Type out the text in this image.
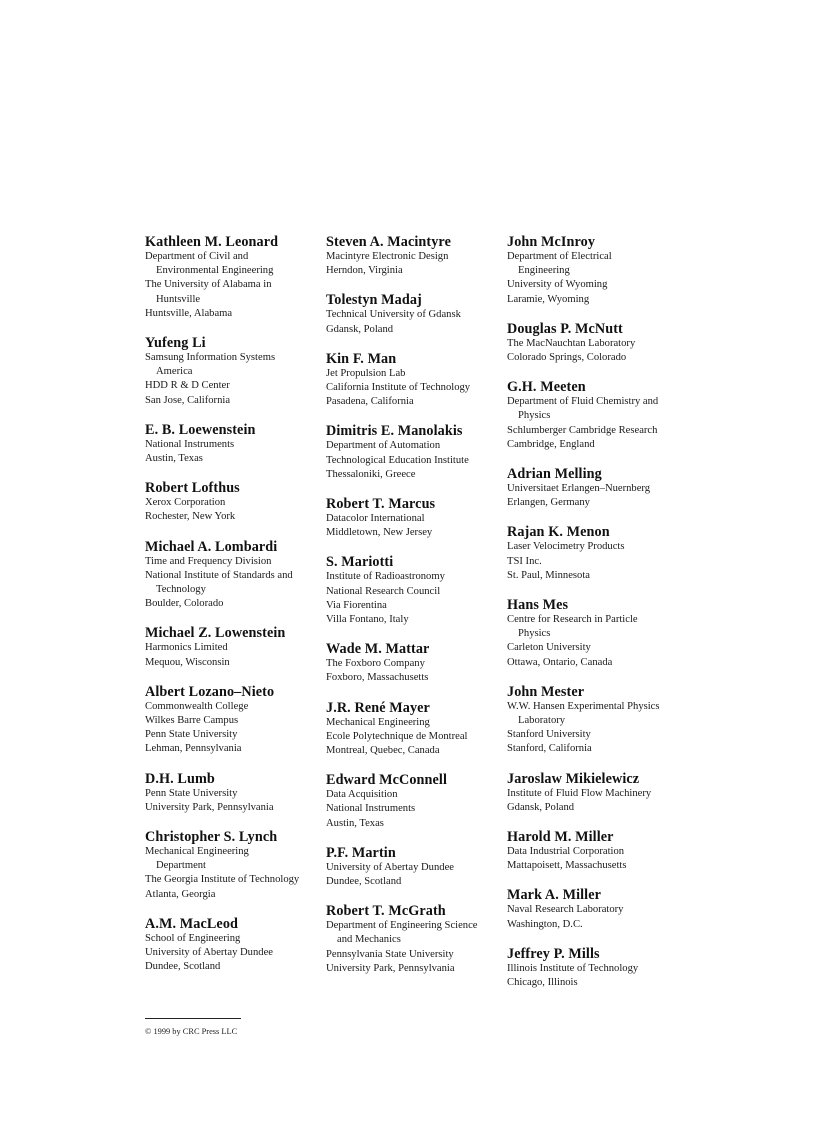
Kathleen M. Leonard
Department of Civil and
Environmental Engineering
The University of Alabama in
Huntsville
Huntsville, Alabama
Yufeng Li
Samsung Information Systems
America
HDD R & D Center
San Jose, California
E. B. Loewenstein
National Instruments
Austin, Texas
Robert Lofthus
Xerox Corporation
Rochester, New York
Michael A. Lombardi
Time and Frequency Division
National Institute of Standards and
Technology
Boulder, Colorado
Michael Z. Lowenstein
Harmonics Limited
Mequou, Wisconsin
Albert Lozano–Nieto
Commonwealth College
Wilkes Barre Campus
Penn State University
Lehman, Pennsylvania
D.H. Lumb
Penn State University
University Park, Pennsylvania
Christopher S. Lynch
Mechanical Engineering
Department
The Georgia Institute of Technology
Atlanta, Georgia
A.M. MacLeod
School of Engineering
University of Abertay Dundee
Dundee, Scotland
Steven A. Macintyre
Macintyre Electronic Design
Herndon, Virginia
Tolestyn Madaj
Technical University of Gdansk
Gdansk, Poland
Kin F. Man
Jet Propulsion Lab
California Institute of Technology
Pasadena, California
Dimitris E. Manolakis
Department of Automation
Technological Education Institute
Thessaloniki, Greece
Robert T. Marcus
Datacolor International
Middletown, New Jersey
S. Mariotti
Institute of Radioastronomy
National Research Council
Via Fiorentina
Villa Fontano, Italy
Wade M. Mattar
The Foxboro Company
Foxboro, Massachusetts
J.R. René Mayer
Mechanical Engineering
Ecole Polytechnique de Montreal
Montreal, Quebec, Canada
Edward McConnell
Data Acquisition
National Instruments
Austin, Texas
P.F. Martin
University of Abertay Dundee
Dundee, Scotland
Robert T. McGrath
Department of Engineering Science
and Mechanics
Pennsylvania State University
University Park, Pennsylvania
John McInroy
Department of Electrical
Engineering
University of Wyoming
Laramie, Wyoming
Douglas P. McNutt
The MacNauchtan Laboratory
Colorado Springs, Colorado
G.H. Meeten
Department of Fluid Chemistry and
Physics
Schlumberger Cambridge Research
Cambridge, England
Adrian Melling
Universitaet Erlangen–Nuernberg
Erlangen, Germany
Rajan K. Menon
Laser Velocimetry Products
TSI Inc.
St. Paul, Minnesota
Hans Mes
Centre for Research in Particle
Physics
Carleton University
Ottawa, Ontario, Canada
John Mester
W.W. Hansen Experimental Physics
Laboratory
Stanford University
Stanford, California
Jaroslaw Mikielewicz
Institute of Fluid Flow Machinery
Gdansk, Poland
Harold M. Miller
Data Industrial Corporation
Mattapoisett, Massachusetts
Mark A. Miller
Naval Research Laboratory
Washington, D.C.
Jeffrey P. Mills
Illinois Institute of Technology
Chicago, Illinois
© 1999 by CRC Press LLC
